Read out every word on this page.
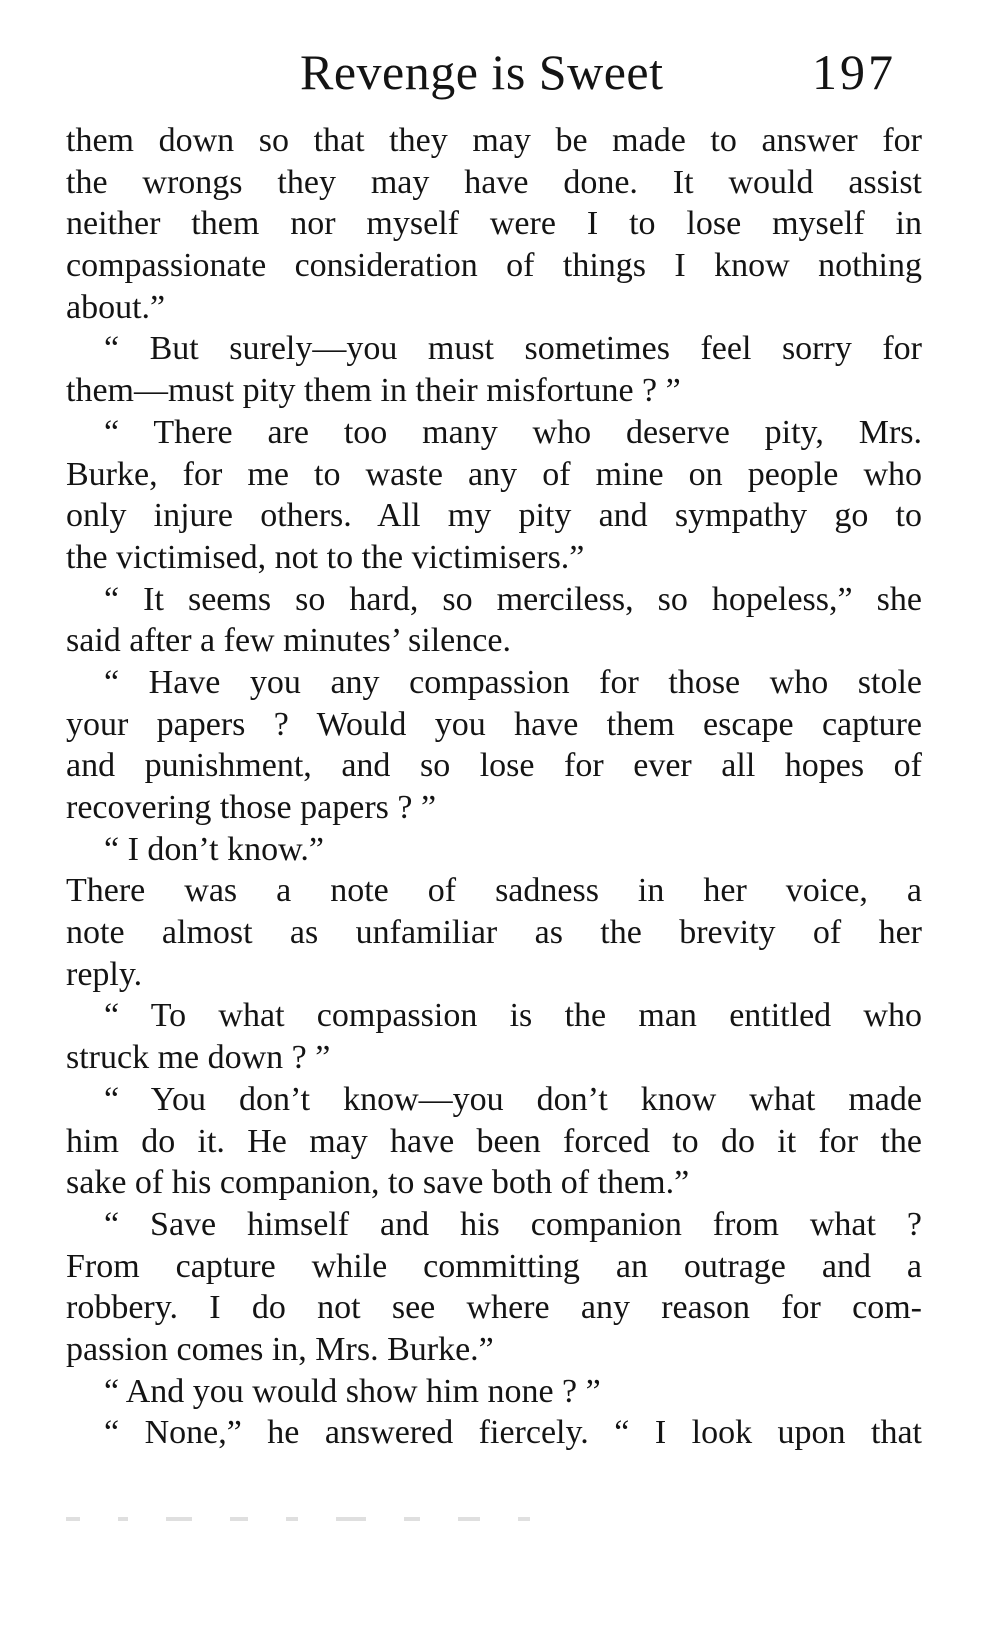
Revenge is Sweet	197
them down so that they may be made to answer for
the wrongs they may have done. It would assist
neither them nor myself were I to lose myself in
compassionate consideration of things I know nothing
about.”
“ But surely—you must sometimes feel sorry for
them—must pity them in their misfortune ? ”
“ There are too many who deserve pity, Mrs.
Burke, for me to waste any of mine on people who
only injure others. All my pity and sympathy go to
the victimised, not to the victimisers.”
“ It seems so hard, so merciless, so hopeless,” she
said after a few minutes’ silence.
“ Have you any compassion for those who stole
your papers ? Would you have them escape capture
and punishment, and so lose for ever all hopes of
recovering those papers ? ”
“ I don’t know.”
There was a note of sadness in her voice, a
note almost as unfamiliar as the brevity of her
reply.
“ To what compassion is the man entitled who
struck me down ? ”
“ You don’t know—you don’t know what made
him do it. He may have been forced to do it for the
sake of his companion, to save both of them.”
“ Save himself and his companion from what ?
From capture while committing an outrage and a
robbery. I do not see where any reason for com-
passion comes in, Mrs. Burke.”
“ And you would show him none ? ”
“ None,” he answered fiercely. “ I look upon that
